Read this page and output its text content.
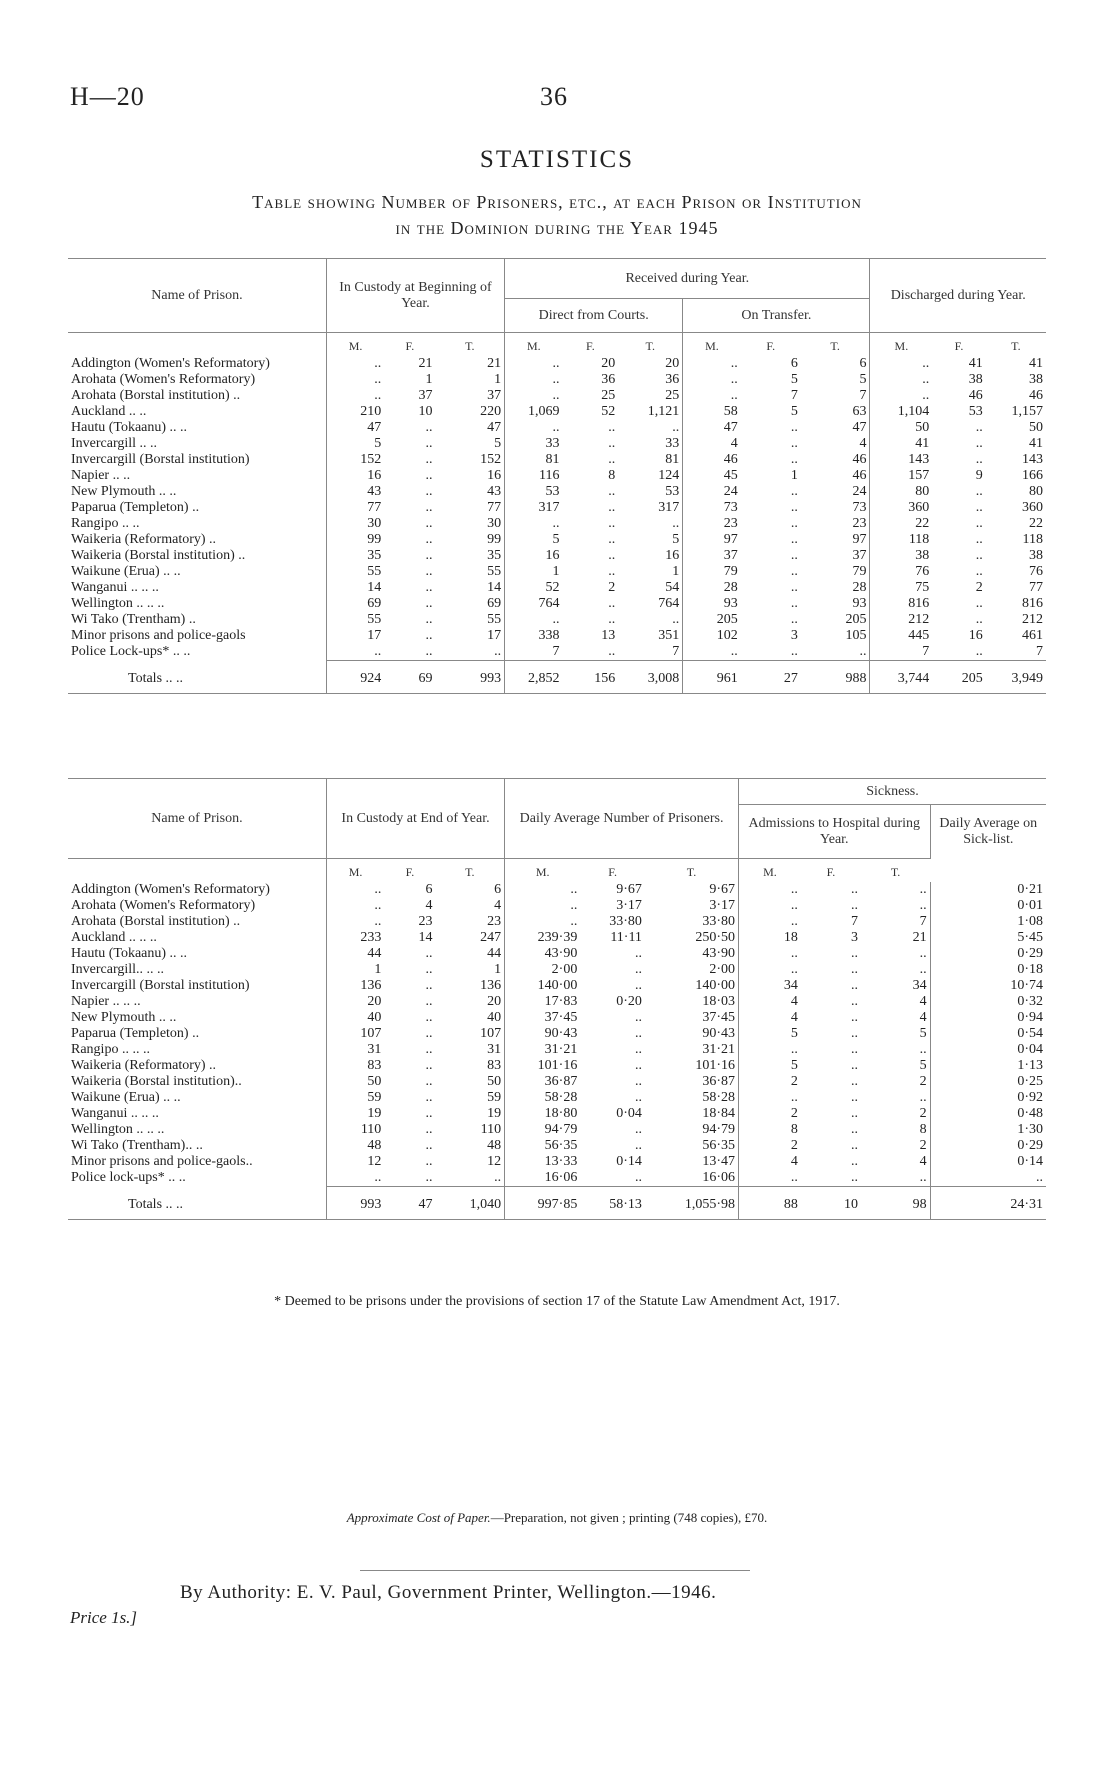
H—20	36
STATISTICS
Table showing Number of Prisoners, etc., at each Prison or Institution
in the Dominion during the Year 1945
Name of Prison.	In Custody at Beginning of Year.			Received during Year.						Discharged during Year.		
				Direct from Courts.			On Transfer.					
	M.	F.	T.	M.	F.	T.	M.	F.	T.	M.	F.	T.
Addington (Women's Reformatory)	..	21	21	..	20	20	..	6	6	..	41	41
Arohata (Women's Reformatory)	..	1	1	..	36	36	..	5	5	..	38	38
Arohata (Borstal institution) ..	..	37	37	..	25	25	..	7	7	..	46	46
Auckland .. ..	210	10	220	1,069	52	1,121	58	5	63	1,104	53	1,157
Hautu (Tokaanu) .. ..	47	..	47	..	..	..	47	..	47	50	..	50
Invercargill .. ..	5	..	5	33	..	33	4	..	4	41	..	41
Invercargill (Borstal institution)	152	..	152	81	..	81	46	..	46	143	..	143
Napier .. ..	16	..	16	116	8	124	45	1	46	157	9	166
New Plymouth .. ..	43	..	43	53	..	53	24	..	24	80	..	80
Paparua (Templeton) ..	77	..	77	317	..	317	73	..	73	360	..	360
Rangipo .. ..	30	..	30	..	..	..	23	..	23	22	..	22
Waikeria (Reformatory) ..	99	..	99	5	..	5	97	..	97	118	..	118
Waikeria (Borstal institution) ..	35	..	35	16	..	16	37	..	37	38	..	38
Waikune (Erua) .. ..	55	..	55	1	..	1	79	..	79	76	..	76
Wanganui .. .. ..	14	..	14	52	2	54	28	..	28	75	2	77
Wellington .. .. ..	69	..	69	764	..	764	93	..	93	816	..	816
Wi Tako (Trentham) ..	55	..	55	..	..	..	205	..	205	212	..	212
Minor prisons and police-gaols	17	..	17	338	13	351	102	3	105	445	16	461
Police Lock-ups* .. ..	..	..	..	7	..	7	..	..	..	7	..	7
Totals .. ..	924	69	993	2,852	156	3,008	961	27	988	3,744	205	3,949
Name of Prison.	In Custody at End of Year.			Daily Average Number of Prisoners.			Sickness.			
							Admissions to Hospital during Year.			Daily Average on Sick-list.
	M.	F.	T.	M.	F.	T.	M.	F.	T.	
Addington (Women's Reformatory)	..	6	6	..	9·67	9·67	..	..	..	0·21
Arohata (Women's Reformatory)	..	4	4	..	3·17	3·17	..	..	..	0·01
Arohata (Borstal institution) ..	..	23	23	..	33·80	33·80	..	7	7	1·08
Auckland .. .. ..	233	14	247	239·39	11·11	250·50	18	3	21	5·45
Hautu (Tokaanu) .. ..	44	..	44	43·90	..	43·90	..	..	..	0·29
Invercargill.. .. ..	1	..	1	2·00	..	2·00	..	..	..	0·18
Invercargill (Borstal institution)	136	..	136	140·00	..	140·00	34	..	34	10·74
Napier .. .. ..	20	..	20	17·83	0·20	18·03	4	..	4	0·32
New Plymouth .. ..	40	..	40	37·45	..	37·45	4	..	4	0·94
Paparua (Templeton) ..	107	..	107	90·43	..	90·43	5	..	5	0·54
Rangipo .. .. ..	31	..	31	31·21	..	31·21	..	..	..	0·04
Waikeria (Reformatory) ..	83	..	83	101·16	..	101·16	5	..	5	1·13
Waikeria (Borstal institution)..	50	..	50	36·87	..	36·87	2	..	2	0·25
Waikune (Erua) .. ..	59	..	59	58·28	..	58·28	..	..	..	0·92
Wanganui .. .. ..	19	..	19	18·80	0·04	18·84	2	..	2	0·48
Wellington .. .. ..	110	..	110	94·79	..	94·79	8	..	8	1·30
Wi Tako (Trentham).. ..	48	..	48	56·35	..	56·35	2	..	2	0·29
Minor prisons and police-gaols..	12	..	12	13·33	0·14	13·47	4	..	4	0·14
Police lock-ups* .. ..	..	..	..	16·06	..	16·06	..	..	..	..
Totals .. ..	993	47	1,040	997·85	58·13	1,055·98	88	10	98	24·31
* Deemed to be prisons under the provisions of section 17 of the Statute Law Amendment Act, 1917.
Approximate Cost of Paper.—Preparation, not given ; printing (748 copies), £70.
By Authority: E. V. Paul, Government Printer, Wellington.—1946.
Price 1s.]
